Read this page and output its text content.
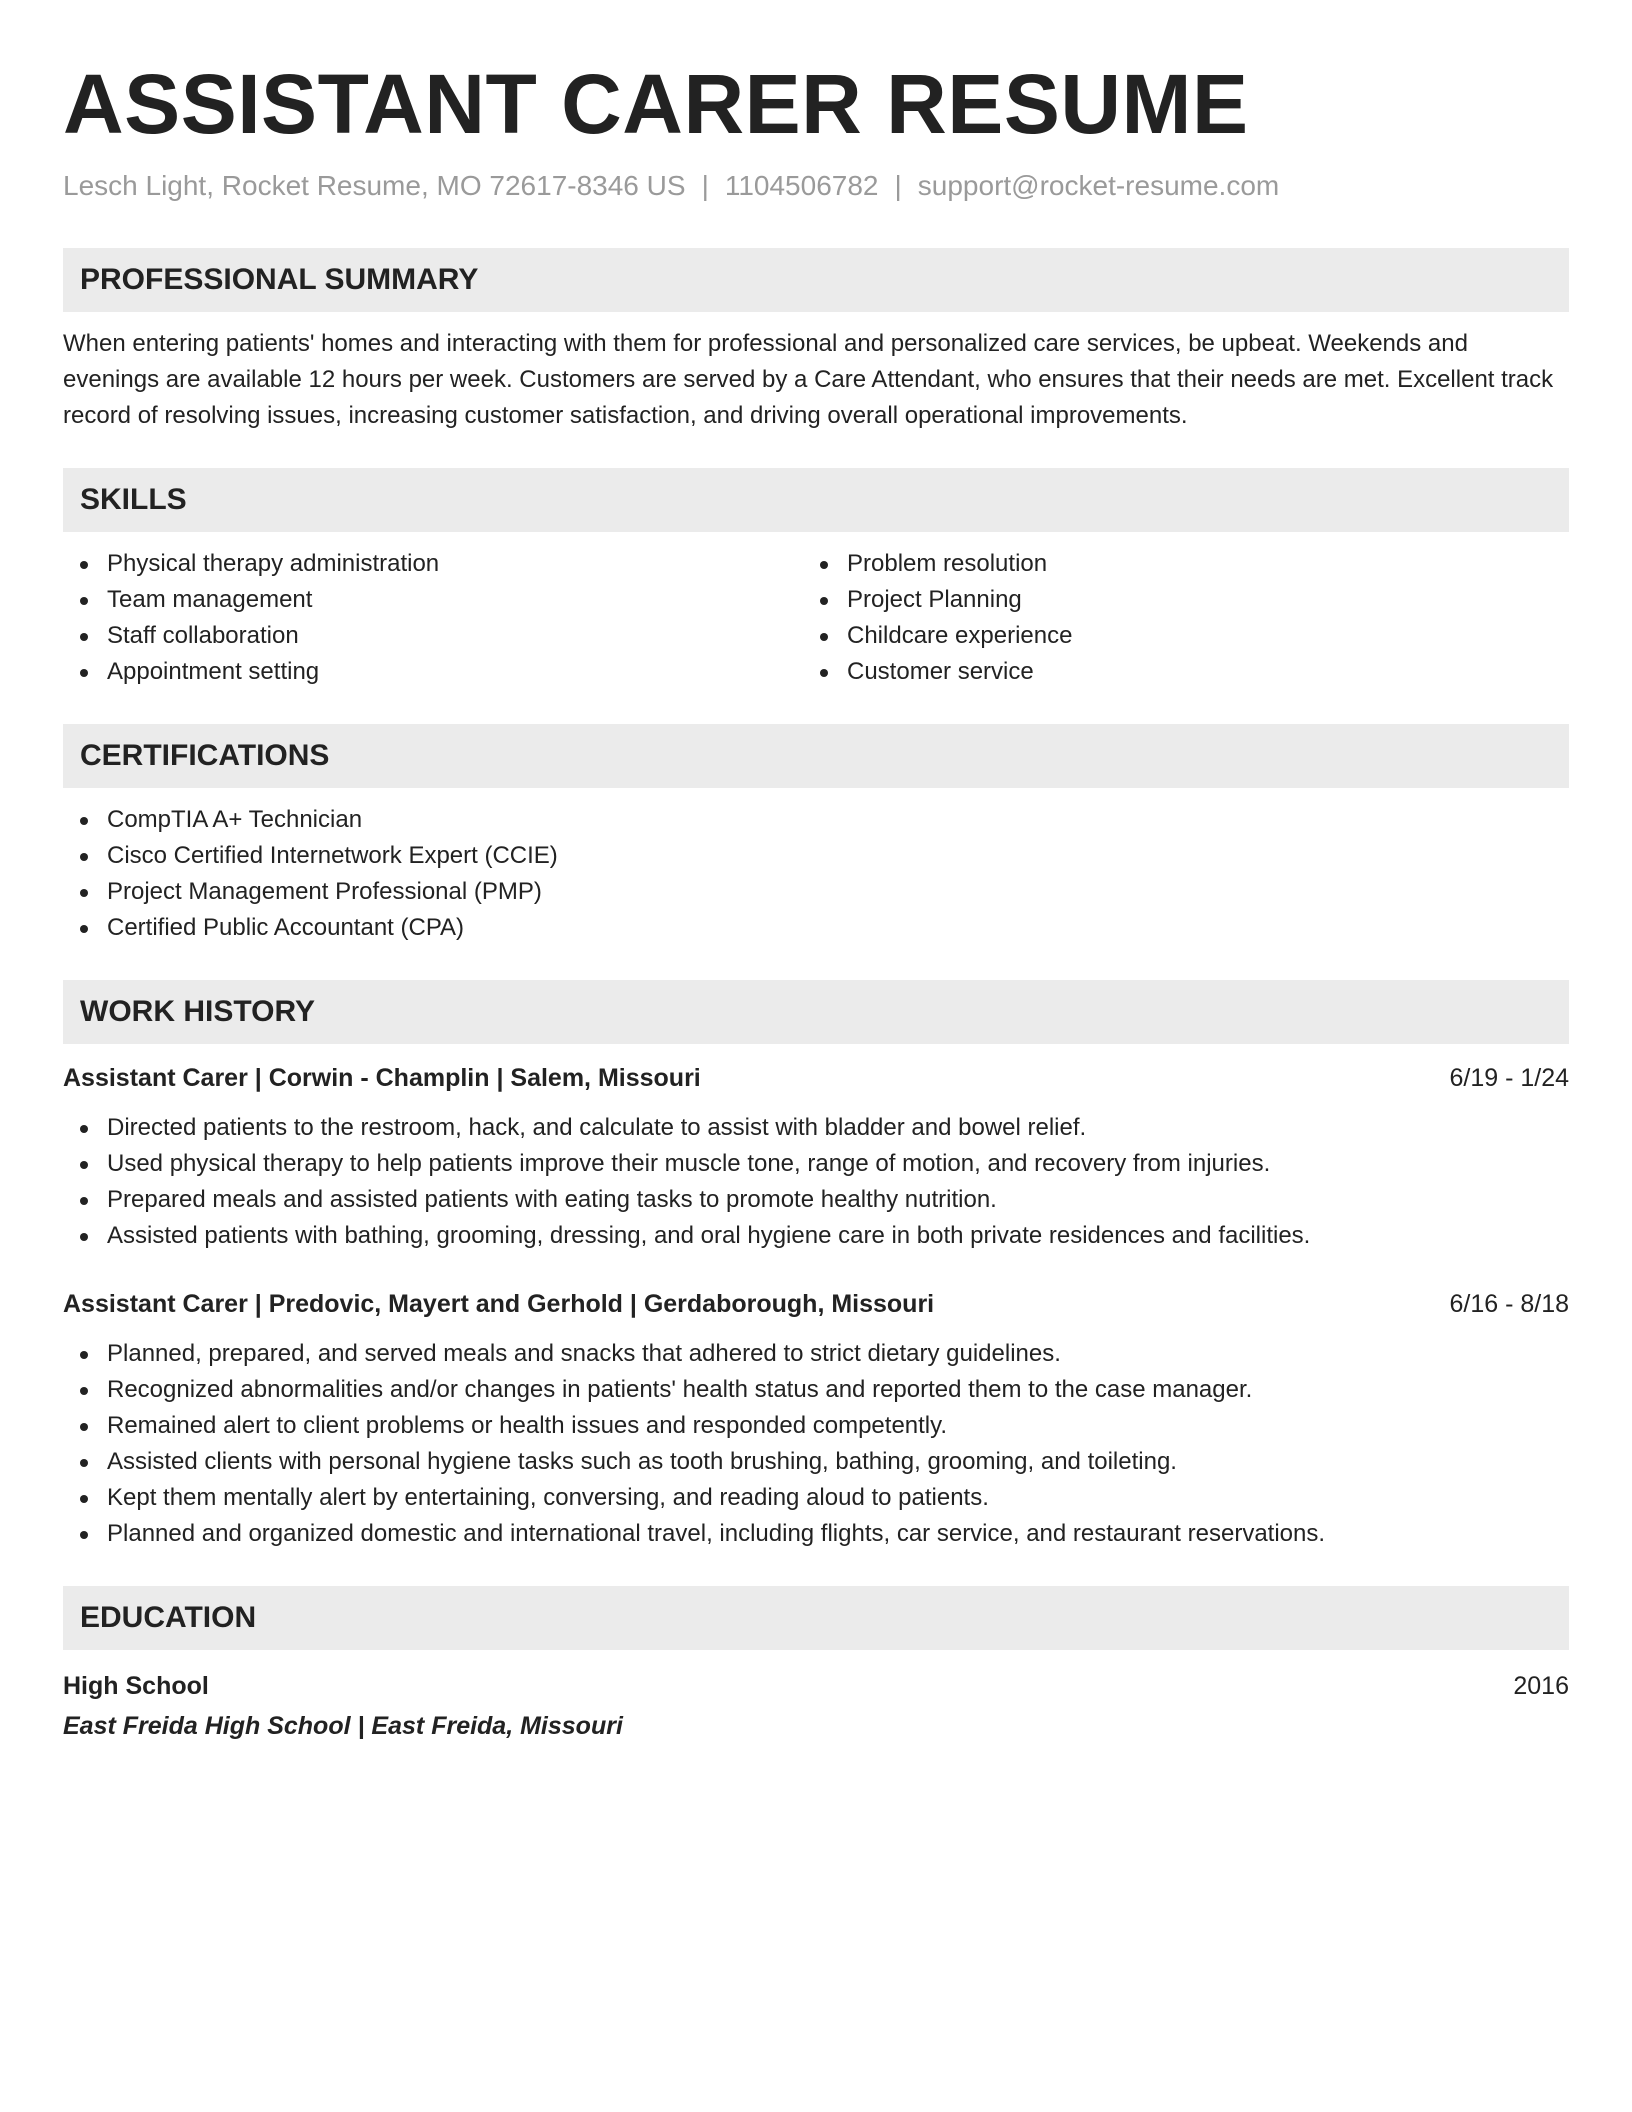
ASSISTANT CARER RESUME
Lesch Light, Rocket Resume, MO 72617-8346 US | 1104506782 | support@rocket-resume.com
PROFESSIONAL SUMMARY

When entering patients' homes and interacting with them for professional and personalized care services, be upbeat. Weekends and evenings are available 12 hours per week. Customers are served by a Care Attendant, who ensures that their needs are met. Excellent track record of resolving issues, increasing customer satisfaction, and driving overall operational improvements.

SKILLS
Physical therapy administration
Team management
Staff collaboration
Appointment setting
Problem resolution
Project Planning
Childcare experience
Customer service
CERTIFICATIONS
CompTIA A+ Technician
Cisco Certified Internetwork Expert (CCIE)
Project Management Professional (PMP)
Certified Public Accountant (CPA)
WORK HISTORY
Assistant Carer | Corwin - Champlin | Salem, Missouri	6/19 - 1/24
Directed patients to the restroom, hack, and calculate to assist with bladder and bowel relief.
Used physical therapy to help patients improve their muscle tone, range of motion, and recovery from injuries.
Prepared meals and assisted patients with eating tasks to promote healthy nutrition.
Assisted patients with bathing, grooming, dressing, and oral hygiene care in both private residences and facilities.
Assistant Carer | Predovic, Mayert and Gerhold | Gerdaborough, Missouri	6/16 - 8/18
Planned, prepared, and served meals and snacks that adhered to strict dietary guidelines.
Recognized abnormalities and/or changes in patients' health status and reported them to the case manager.
Remained alert to client problems or health issues and responded competently.
Assisted clients with personal hygiene tasks such as tooth brushing, bathing, grooming, and toileting.
Kept them mentally alert by entertaining, conversing, and reading aloud to patients.
Planned and organized domestic and international travel, including flights, car service, and restaurant reservations.
EDUCATION
High School	2016
East Freida High School | East Freida, Missouri
